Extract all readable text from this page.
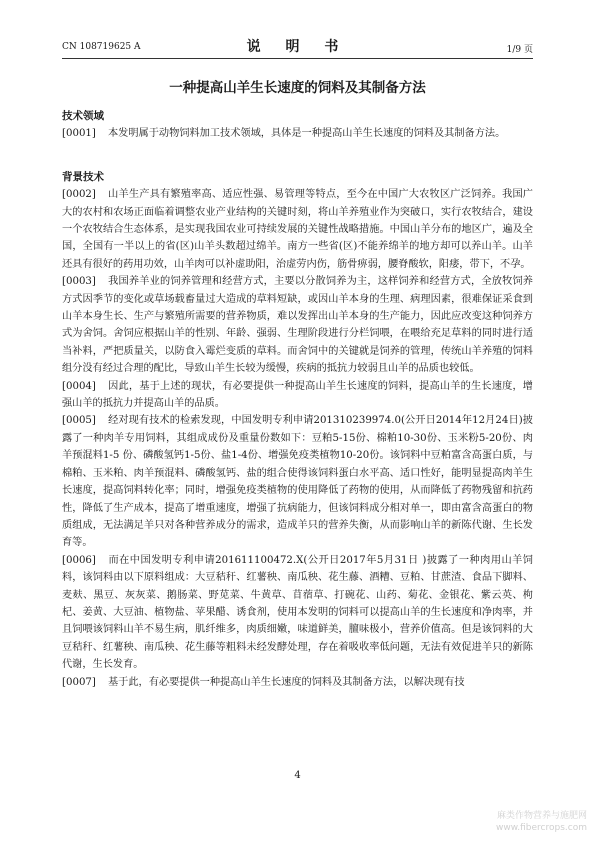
CN 108719625 A	说 明 书	1/9 页
一种提高山羊生长速度的饲料及其制备方法
技术领域

[0001] 本发明属于动物饲料加工技术领域，具体是一种提高山羊生长速度的饲料及其制备方法。

背景技术

[0002] 山羊生产具有繁殖率高、适应性强、易管理等特点，至今在中国广大农牧区广泛饲养。我国广大的农村和农场正面临着调整农业产业结构的关键时刻，将山羊养殖业作为突破口，实行农牧结合，建设一个农牧结合生态体系，是实现我国农业可持续发展的关键性战略措施。中国山羊分布的地区广，遍及全国，全国有一半以上的省(区)山羊头数超过绵羊。南方一些省(区)不能养绵羊的地方却可以养山羊。山羊还具有很好的药用功效，山羊肉可以补虚助阳，治虚劳内伤，筋骨痹弱，腰脊酸软，阳痿，带下，不孕。

[0003] 我国养羊业的饲养管理和经营方式，主要以分散饲养为主，这样饲养和经营方式，全放牧饲养方式因季节的变化或草场载畜量过大造成的草料短缺，或因山羊本身的生理、病理因素，很难保证采食到山羊本身生长、生产与繁殖所需要的营养物质，难以发挥出山羊本身的生产能力，因此应改变这种饲养方式为舍饲。舍饲应根据山羊的性别、年龄、强弱、生理阶段进行分栏饲喂，在喂给充足草料的同时进行适当补料，严把质量关，以防食入霉烂变质的草料。而舍饲中的关键就是饲养的管理，传统山羊养殖的饲料组分没有经过合理的配比，导致山羊生长较为缓慢，疾病的抵抗力较弱且山羊的品质也较低。

[0004] 因此，基于上述的现状，有必要提供一种提高山羊生长速度的饲料，提高山羊的生长速度，增强山羊的抵抗力并提高山羊的品质。

[0005] 经对现有技术的检索发现，中国发明专利申请201310239974.0(公开日2014年12月24日)披露了一种肉羊专用饲料，其组成成份及重量份数如下：豆粕5-15份、棉粕10-30份、玉米粉5-20份、肉羊预混料1-5 份、磷酸氢钙1-5份、盐1-4份、增强免疫类植物10-20份。该饲料中豆粕富含高蛋白质，与棉粕、玉米粕、肉羊预混料、磷酸氢钙、盐的组合使得该饲料蛋白水平高、适口性好，能明显提高肉羊生长速度，提高饲料转化率；同时，增强免疫类植物的使用降低了药物的使用，从而降低了药物残留和抗药性，降低了生产成本，提高了增重速度，增强了抗病能力，但该饲料成分相对单一，即由富含高蛋白的物质组成，无法满足羊只对各种营养成分的需求，造成羊只的营养失衡，从而影响山羊的新陈代谢、生长发育等。

[0006] 而在中国发明专利申请201611100472.X(公开日2017年5月31日 )披露了一种肉用山羊饲料，该饲料由以下原料组成：大豆秸秆、红薯秧、南瓜秧、花生藤、酒糟、豆粕、甘蔗渣、食品下脚料、麦麸、黑豆、灰灰菜、鹅肠菜、野苋菜、牛黄草、苜蓿草、打碗花、山药、菊花、金银花、紫云英、枸杞、姜黄、大豆油、植物盐、苹果醋、诱食剂，使用本发明的饲料可以提高山羊的生长速度和净肉率，并且饲喂该饲料山羊不易生病，肌纤维多，肉质细嫩，味道鲜美，膻味极小，营养价值高。但是该饲料的大豆秸秆、红薯秧、南瓜秧、花生藤等粗料未经发酵处理，存在着吸收率低问题，无法有效促进羊只的新陈代谢，生长发育。

[0007] 基于此，有必要提供一种提高山羊生长速度的饲料及其制备方法，以解决现有技

4
麻类作物营养与施肥网
www.fibercrops.com
